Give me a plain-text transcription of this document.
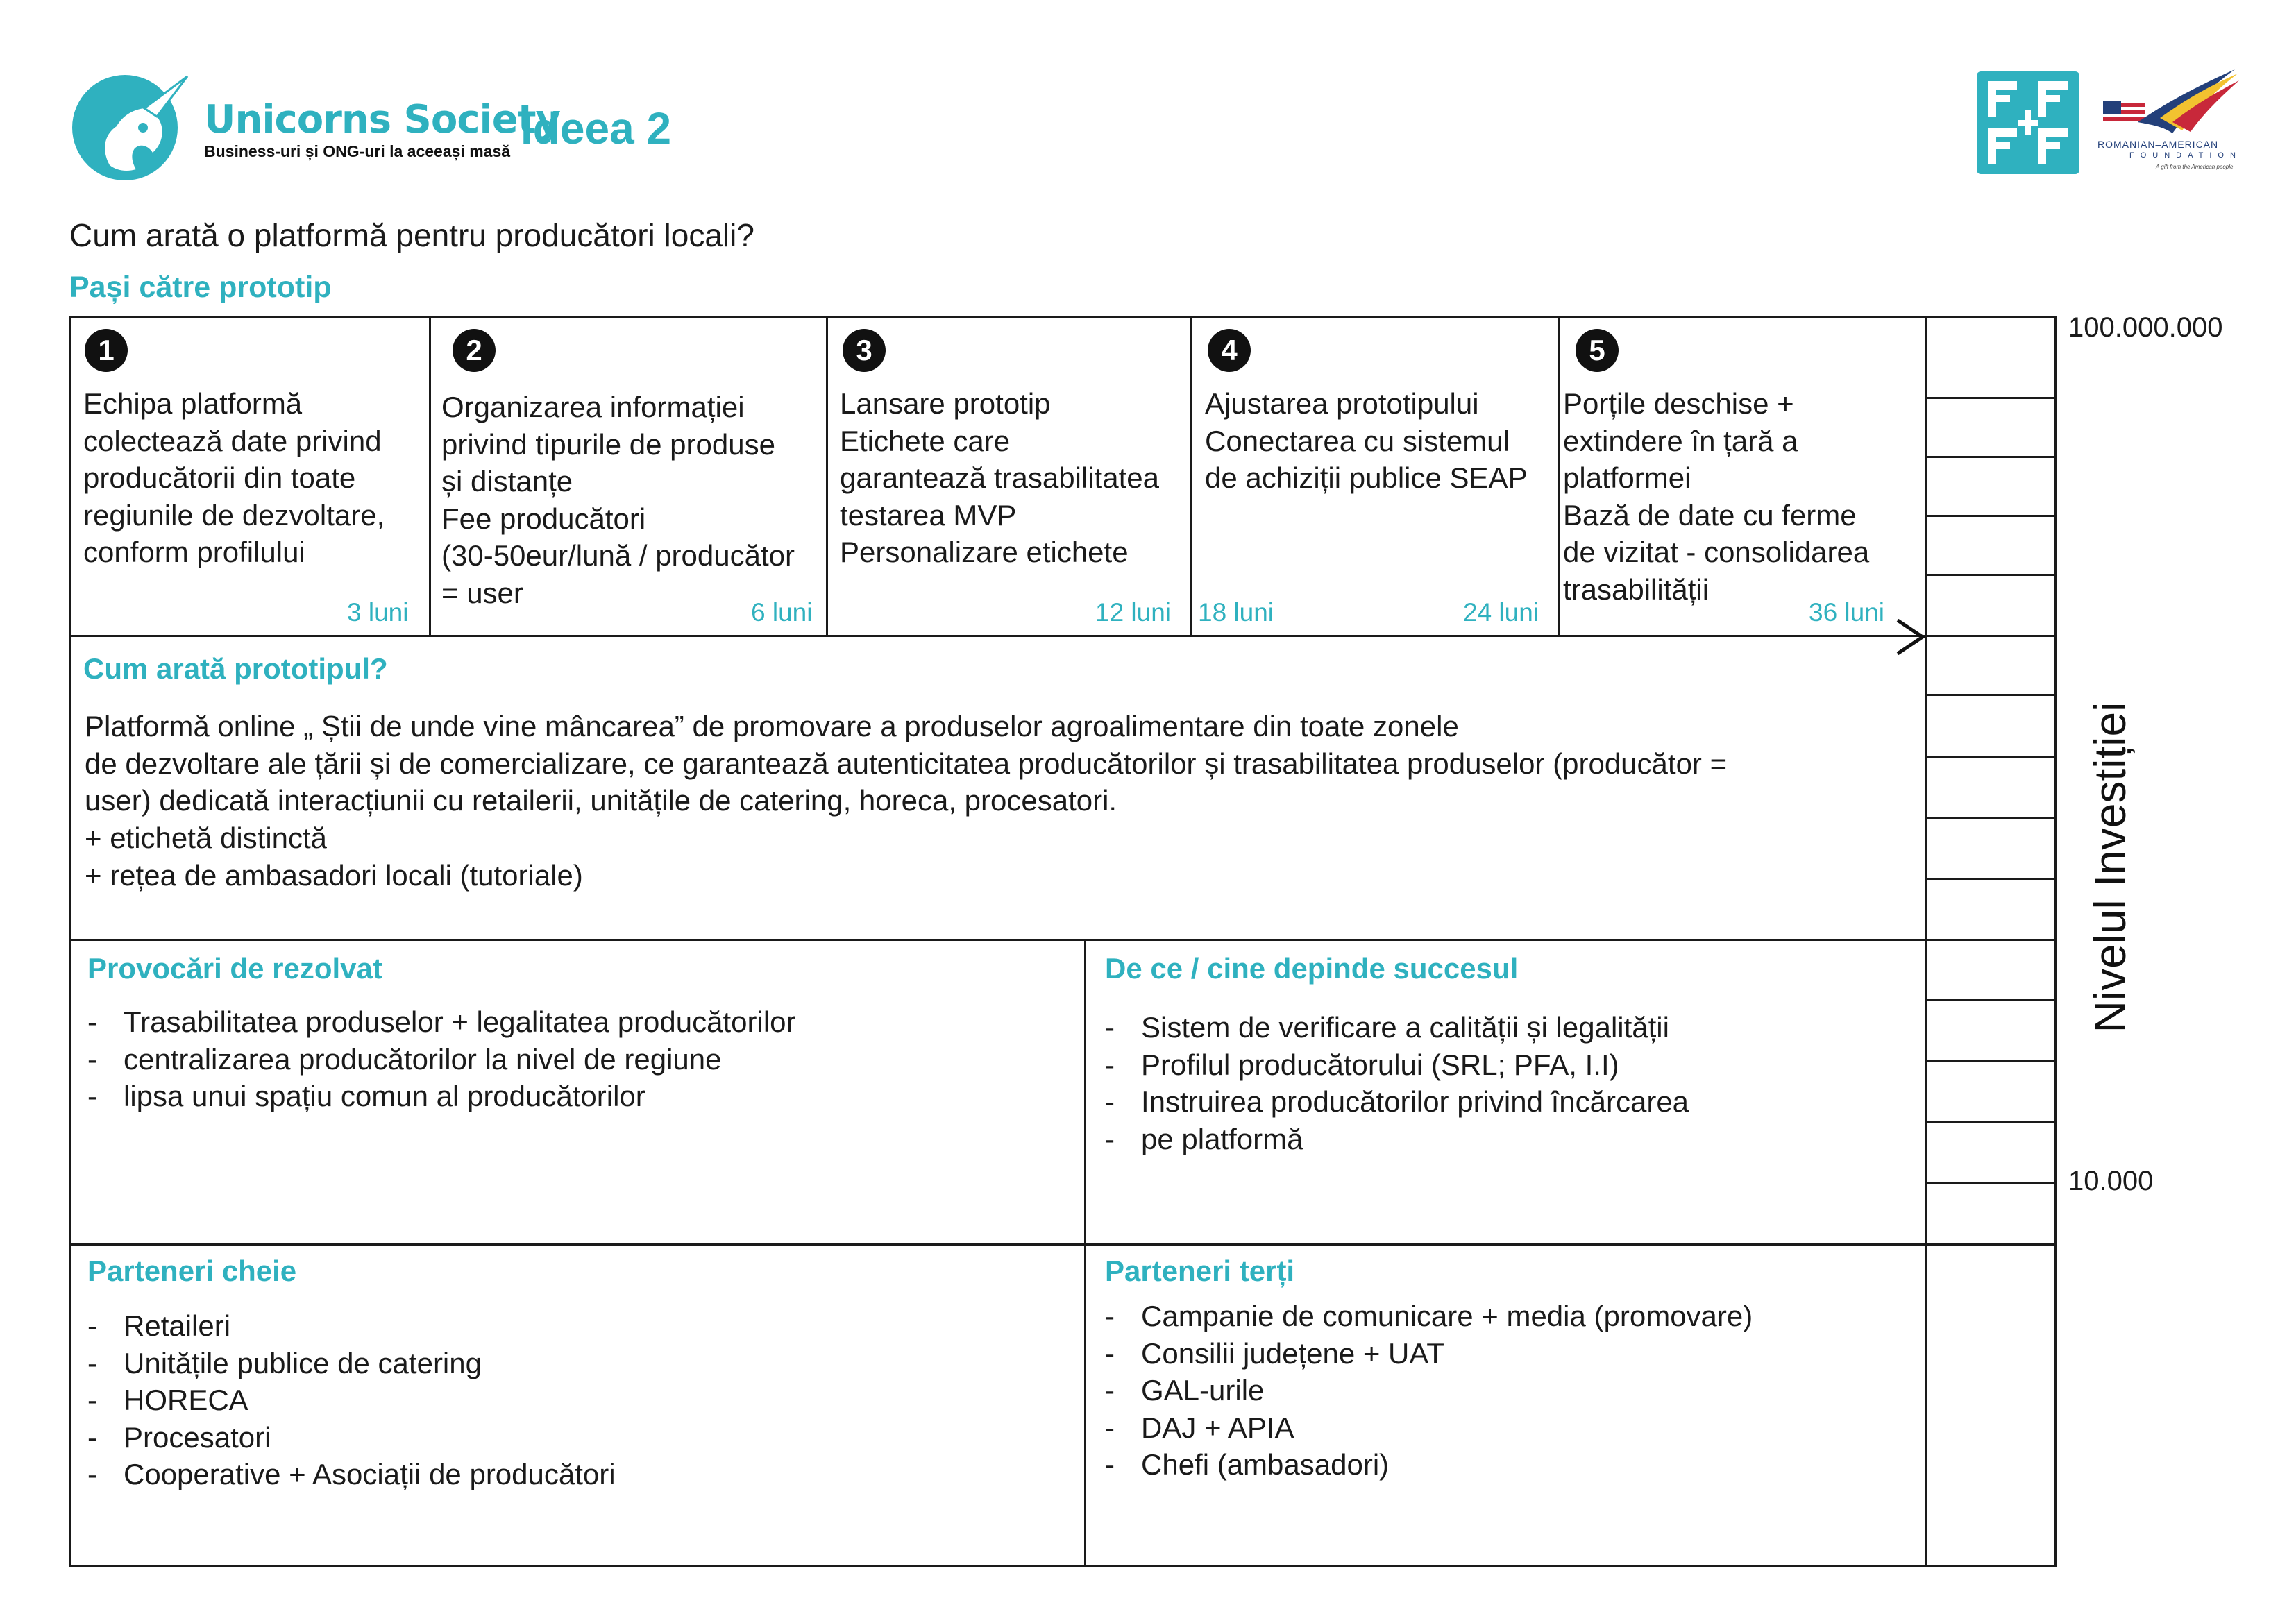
Unicorns Society
Business-uri și ONG-uri la aceeași masă Ideea 2	ROMANIAN–AMERICAN
FOUNDATION
A gift from the American people
Cum arată o platformă pentru producători locali?
Pași către prototip
1
Echipa platformă
colectează date privind
producătorii din toate
regiunile de dezvoltare,
conform profilului
3 luni
2
Organizarea informației
privind tipurile de produse
și distanțe
Fee producători
(30-50eur/lună / producător
= user
6 luni
3
Lansare prototip
Etichete care
garantează trasabilitatea
testarea MVP
Personalizare etichete
12 luni
4
Ajustarea prototipului
Conectarea cu sistemul
de achiziții publice SEAP
18 luni	24 luni
5
Porțile deschise +
extindere în țară a
platformei
Bază de date cu ferme
de vizitat - consolidarea
trasabilității
36 luni
Cum arată prototipul?
Platformă online „ Știi de unde vine mâncarea” de promovare a produselor agroalimentare din toate zonele
de dezvoltare ale țării și de comercializare, ce garantează autenticitatea producătorilor și trasabilitatea produselor (producător =
user) dedicată interacțiunii cu retailerii, unitățile de catering, horeca, procesatori.
+ etichetă distinctă
+ rețea de ambasadori locali (tutoriale)
Provocări de rezolvat
- Trasabilitatea produselor + legalitatea producătorilor
- centralizarea producătorilor la nivel de regiune
- lipsa unui spațiu comun al producătorilor
De ce / cine depinde succesul
- Sistem de verificare a calității și legalității
- Profilul producătorului (SRL; PFA, I.I)
- Instruirea producătorilor privind încărcarea
- pe platformă
Parteneri cheie
- Retaileri
- Unitățile publice de catering
- HORECA
- Procesatori
- Cooperative + Asociații de producători
Parteneri terți
- Campanie de comunicare + media (promovare)
- Consilii județene + UAT
- GAL-urile
- DAJ + APIA
- Chefi (ambasadori)
100.000.000
10.000
Nivelul Investiției
